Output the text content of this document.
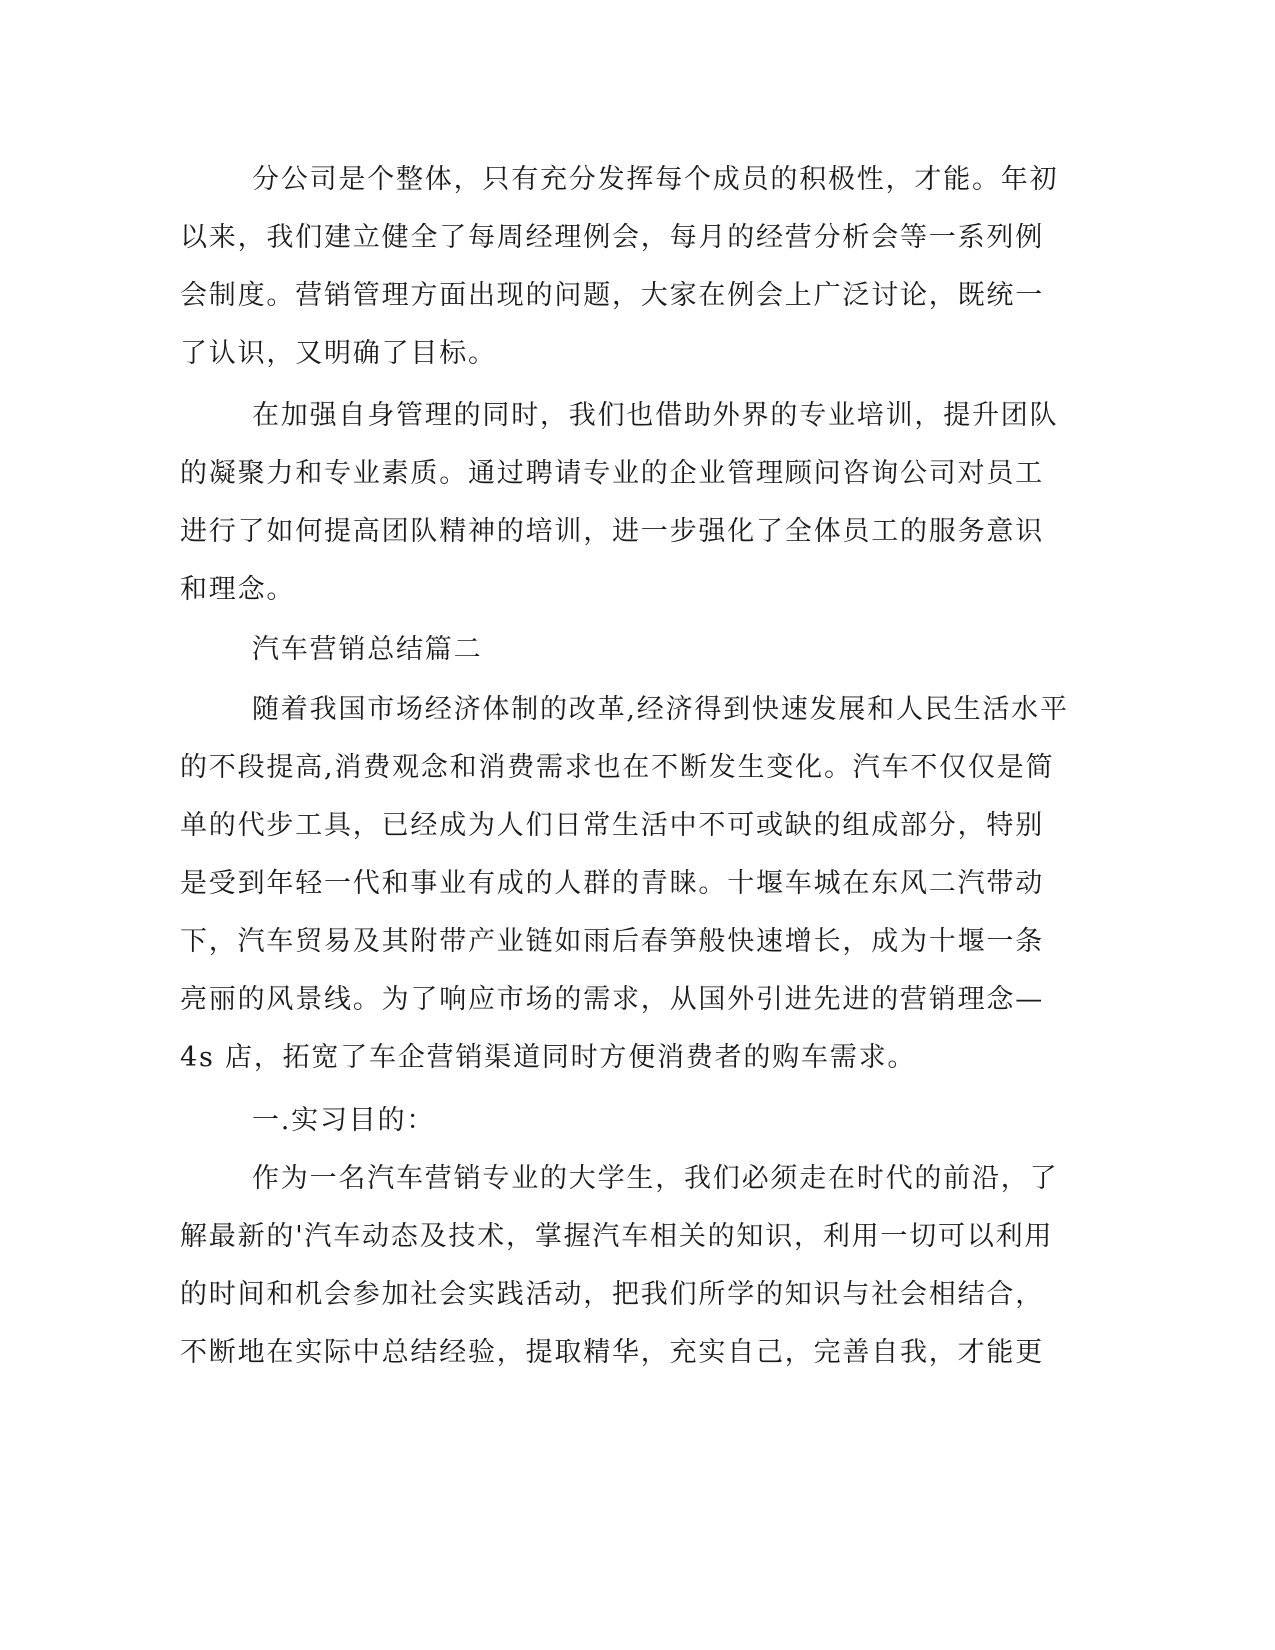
分公司是个整体，只有充分发挥每个成员的积极性，才能。年初
以来，我们建立健全了每周经理例会，每月的经营分析会等一系列例
会制度。营销管理方面出现的问题，大家在例会上广泛讨论，既统一
了认识，又明确了目标。
在加强自身管理的同时，我们也借助外界的专业培训，提升团队
的凝聚力和专业素质。通过聘请专业的企业管理顾问咨询公司对员工
进行了如何提高团队精神的培训，进一步强化了全体员工的服务意识
和理念。
汽车营销总结篇二
随着我国市场经济体制的改革,经济得到快速发展和人民生活水平
的不段提高,消费观念和消费需求也在不断发生变化。汽车不仅仅是简
单的代步工具，已经成为人们日常生活中不可或缺的组成部分，特别
是受到年轻一代和事业有成的人群的青睐。十堰车城在东风二汽带动
下，汽车贸易及其附带产业链如雨后春笋般快速增长，成为十堰一条
亮丽的风景线。为了响应市场的需求，从国外引进先进的营销理念—
4s 店，拓宽了车企营销渠道同时方便消费者的购车需求。
一.实习目的：
作为一名汽车营销专业的大学生，我们必须走在时代的前沿，了
解最新的'汽车动态及技术，掌握汽车相关的知识，利用一切可以利用
的时间和机会参加社会实践活动，把我们所学的知识与社会相结合，
不断地在实际中总结经验，提取精华，充实自己，完善自我，才能更
